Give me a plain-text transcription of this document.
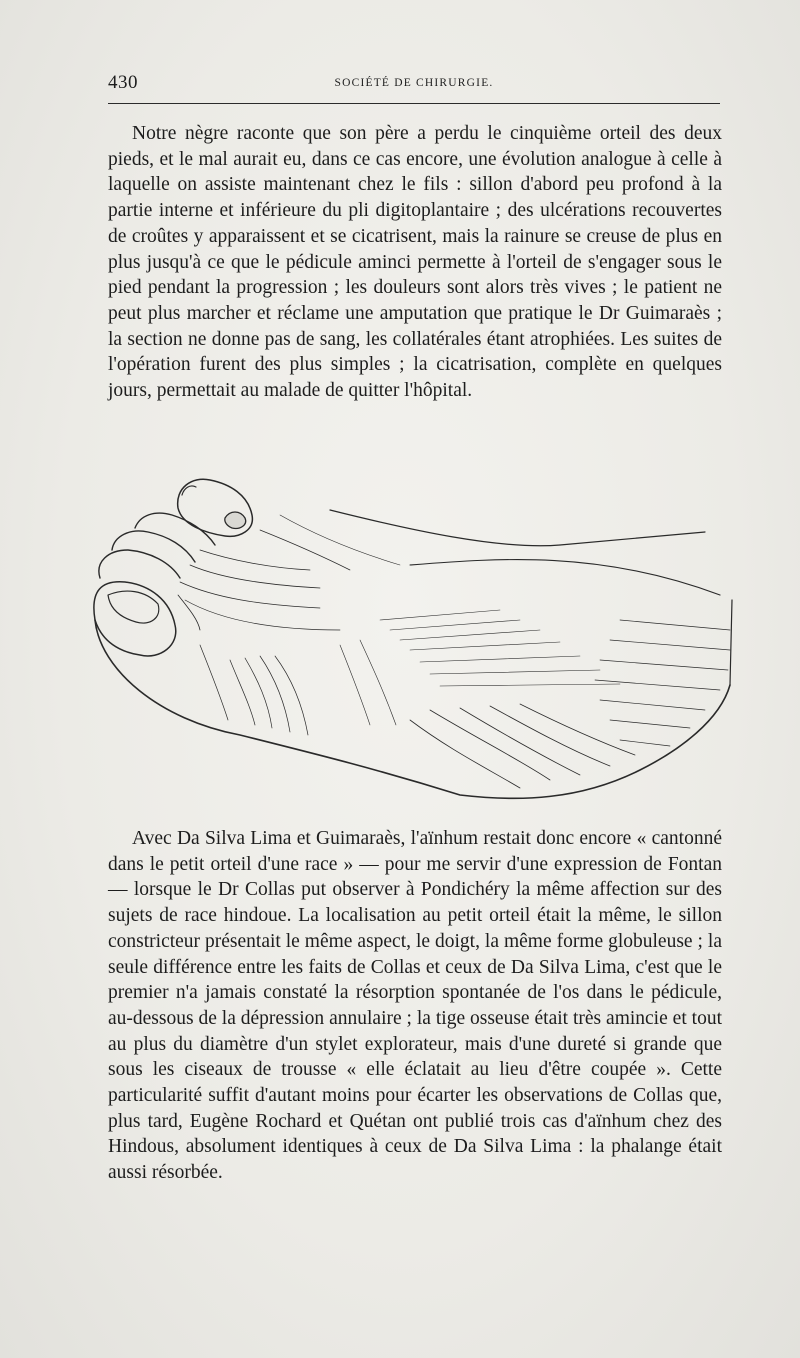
430	SOCIÉTÉ DE CHIRURGIE.

Notre nègre raconte que son père a perdu le cinquième orteil des deux pieds, et le mal aurait eu, dans ce cas encore, une évolution analogue à celle à laquelle on assiste maintenant chez le fils : sillon d'abord peu profond à la partie interne et inférieure du pli digitoplantaire ; des ulcérations recouvertes de croûtes y apparaissent et se cicatrisent, mais la rainure se creuse de plus en plus jusqu'à ce que le pédicule aminci permette à l'orteil de s'engager sous le pied pendant la progression ; les douleurs sont alors très vives ; le patient ne peut plus marcher et réclame une amputation que pratique le Dr Guimaraès ; la section ne donne pas de sang, les collatérales étant atrophiées. Les suites de l'opération furent des plus simples ; la cicatrisation, complète en quelques jours, permettait au malade de quitter l'hôpital.

Avec Da Silva Lima et Guimaraès, l'aïnhum restait donc encore « cantonné dans le petit orteil d'une race » — pour me servir d'une expression de Fontan — lorsque le Dr Collas put observer à Pondichéry la même affection sur des sujets de race hindoue. La localisation au petit orteil était la même, le sillon constricteur présentait le même aspect, le doigt, la même forme globuleuse ; la seule différence entre les faits de Collas et ceux de Da Silva Lima, c'est que le premier n'a jamais constaté la résorption spontanée de l'os dans le pédicule, au-dessous de la dépression annulaire ; la tige osseuse était très amincie et tout au plus du diamètre d'un stylet explorateur, mais d'une dureté si grande que sous les ciseaux de trousse « elle éclatait au lieu d'être coupée ». Cette particularité suffit d'autant moins pour écarter les observations de Collas que, plus tard, Eugène Rochard et Quétan ont publié trois cas d'aïnhum chez des Hindous, absolument identiques à ceux de Da Silva Lima : la phalange était aussi résorbée.
